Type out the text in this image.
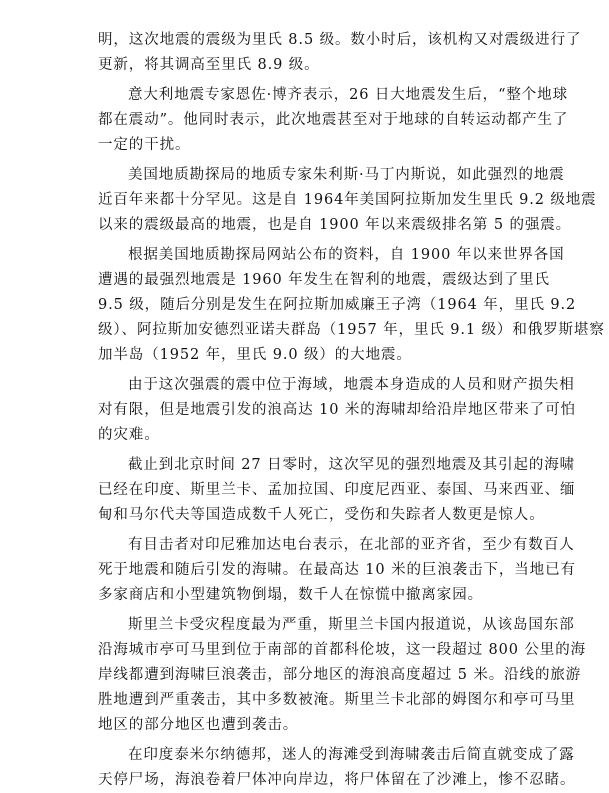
明，这次地震的震级为里氏 8.5 级。数小时后，该机构又对震级进行了
更新，将其调高至里氏 8.9 级。

意大利地震专家恩佐·博齐表示，26 日大地震发生后，“整个地球
都在震动”。他同时表示，此次地震甚至对于地球的自转运动都产生了
一定的干扰。

美国地质勘探局的地质专家朱利斯·马丁内斯说，如此强烈的地震
近百年来都十分罕见。这是自 1964年美国阿拉斯加发生里氏 9.2 级地震
以来的震级最高的地震，也是自 1900 年以来震级排名第 5 的强震。

根据美国地质勘探局网站公布的资料，自 1900 年以来世界各国
遭遇的最强烈地震是 1960 年发生在智利的地震，震级达到了里氏
9.5 级，随后分别是发生在阿拉斯加威廉王子湾（1964 年，里氏 9.2
级）、阿拉斯加安德烈亚诺夫群岛（1957 年，里氏 9.1 级）和俄罗斯堪察
加半岛（1952 年，里氏 9.0 级）的大地震。

由于这次强震的震中位于海域，地震本身造成的人员和财产损失相
对有限，但是地震引发的浪高达 10 米的海啸却给沿岸地区带来了可怕
的灾难。

截止到北京时间 27 日零时，这次罕见的强烈地震及其引起的海啸
已经在印度、斯里兰卡、孟加拉国、印度尼西亚、泰国、马来西亚、缅
甸和马尔代夫等国造成数千人死亡，受伤和失踪者人数更是惊人。

有目击者对印尼雅加达电台表示，在北部的亚齐省，至少有数百人
死于地震和随后引发的海啸。在最高达 10 米的巨浪袭击下，当地已有
多家商店和小型建筑物倒塌，数千人在惊慌中撤离家园。

斯里兰卡受灾程度最为严重，斯里兰卡国内报道说，从该岛国东部
沿海城市亭可马里到位于南部的首都科伦坡，这一段超过 800 公里的海
岸线都遭到海啸巨浪袭击，部分地区的海浪高度超过 5 米。沿线的旅游
胜地遭到严重袭击，其中多数被淹。斯里兰卡北部的姆图尔和亭可马里
地区的部分地区也遭到袭击。

在印度泰米尔纳德邦，迷人的海滩受到海啸袭击后简直就变成了露
天停尸场，海浪卷着尸体冲向岸边，将尸体留在了沙滩上，惨不忍睹。
